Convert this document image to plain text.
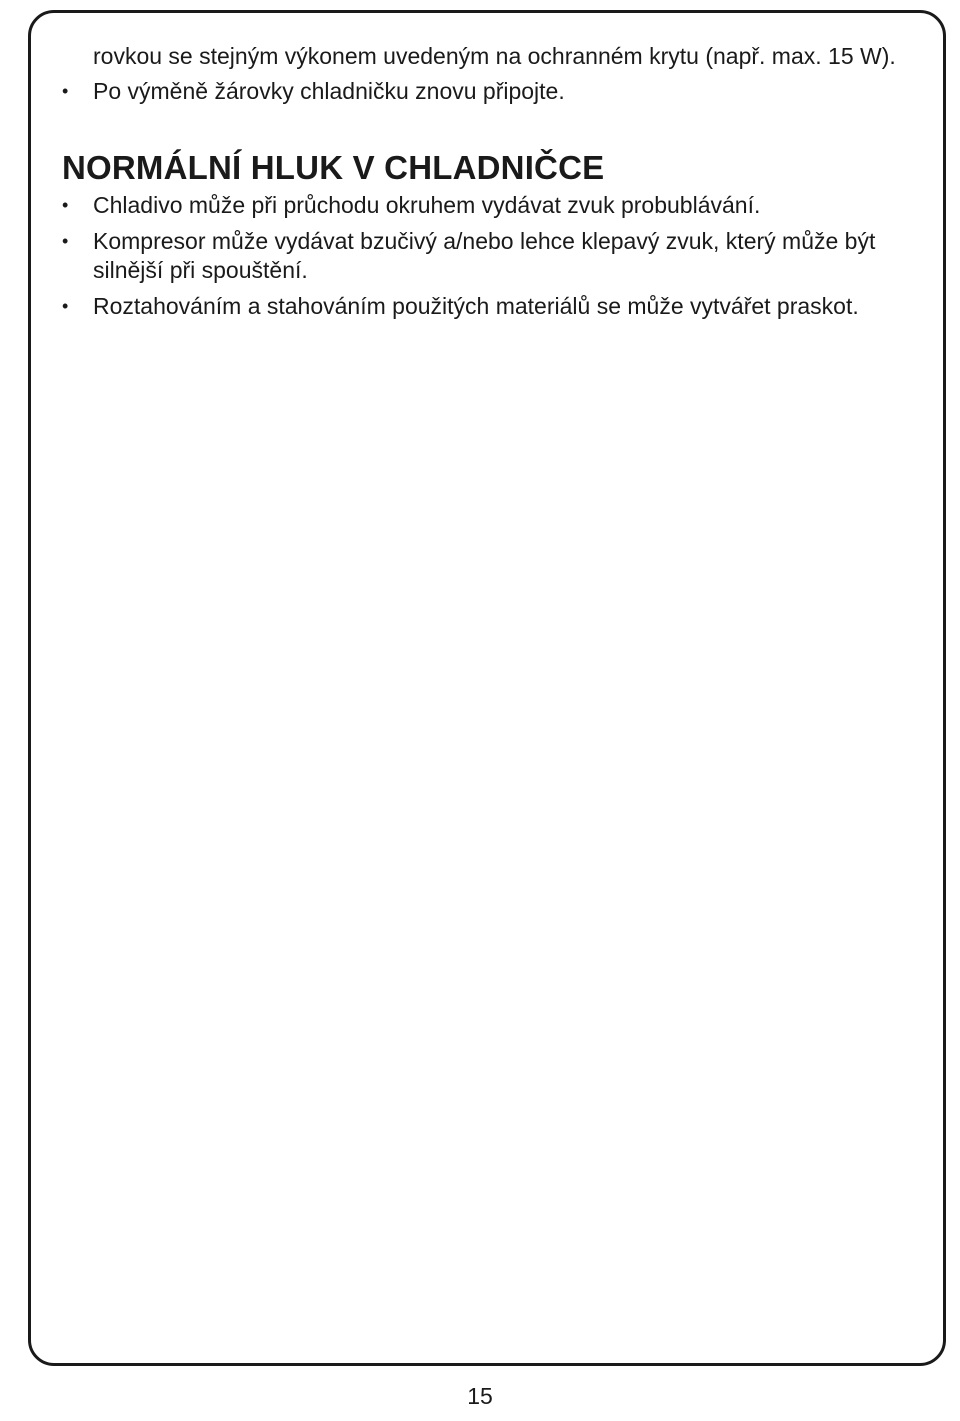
rovkou se stejným výkonem uvedeným na ochranném krytu (např. max. 15 W).

• Po výměně žárovky chladničku znovu připojte.
NORMÁLNÍ HLUK V CHLADNIČCE
• Chladivo může při průchodu okruhem vydávat zvuk probublávání.
• Kompresor může vydávat bzučivý a/nebo lehce klepavý zvuk, který může být silnější při spouštění.
• Roztahováním a stahováním použitých materiálů se může vytvářet praskot.
15
